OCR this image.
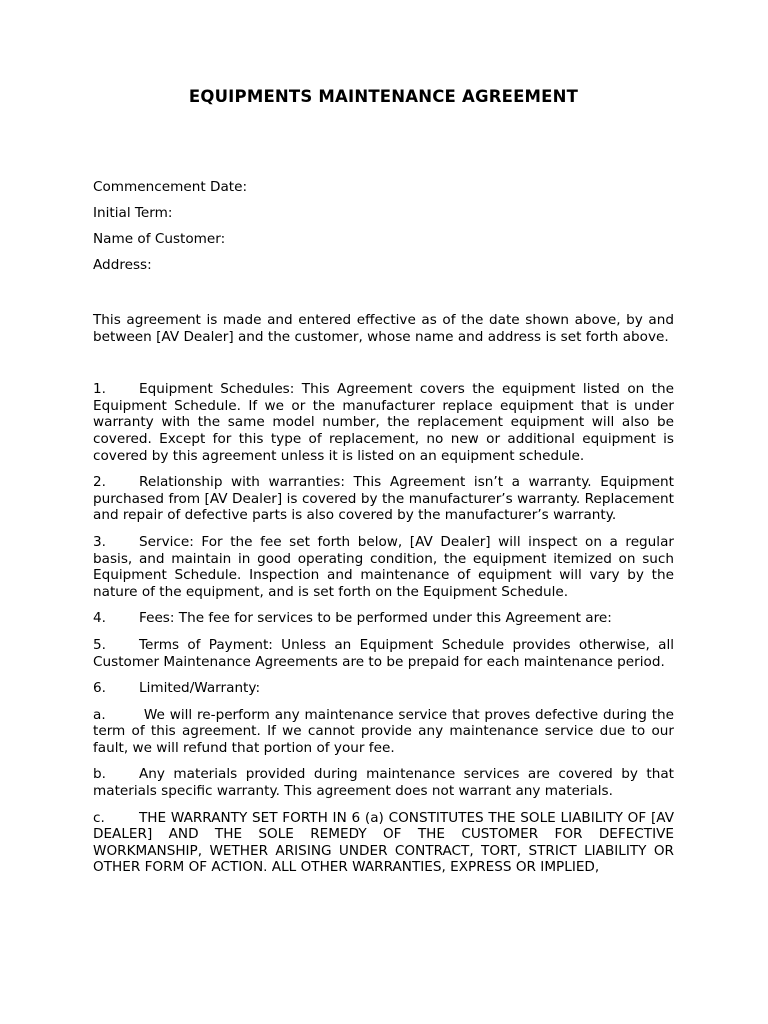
EQUIPMENTS MAINTENANCE AGREEMENT
Commencement Date:
Initial Term:
Name of Customer:
Address:

This agreement is made and entered effective as of the date shown above, by and between [AV Dealer] and the customer, whose name and address is set forth above.

1. Equipment Schedules: This Agreement covers the equipment listed on the Equipment Schedule. If we or the manufacturer replace equipment that is under warranty with the same model number, the replacement equipment will also be covered. Except for this type of replacement, no new or additional equipment is covered by this agreement unless it is listed on an equipment schedule.

2. Relationship with warranties: This Agreement isn’t a warranty. Equipment purchased from [AV Dealer] is covered by the manufacturer’s warranty. Replacement and repair of defective parts is also covered by the manufacturer’s warranty.

3. Service: For the fee set forth below, [AV Dealer] will inspect on a regular basis, and maintain in good operating condition, the equipment itemized on such Equipment Schedule. Inspection and maintenance of equipment will vary by the nature of the equipment, and is set forth on the Equipment Schedule.

4. Fees: The fee for services to be performed under this Agreement are:

5. Terms of Payment: Unless an Equipment Schedule provides otherwise, all Customer Maintenance Agreements are to be prepaid for each maintenance period.

6. Limited/Warranty:

a. We will re-perform any maintenance service that proves defective during the term of this agreement. If we cannot provide any maintenance service due to our fault, we will refund that portion of your fee.

b. Any materials provided during maintenance services are covered by that materials specific warranty. This agreement does not warrant any materials.

c.	THE WARRANTY SET FORTH IN 6 (a) CONSTITUTES THE SOLE LIABILITY OF [AV DEALER] AND THE SOLE REMEDY OF THE CUSTOMER FOR DEFECTIVE WORKMANSHIP, WETHER ARISING UNDER CONTRACT, TORT, STRICT LIABILITY OR OTHER FORM OF ACTION. ALL OTHER WARRANTIES, EXPRESS OR IMPLIED,
